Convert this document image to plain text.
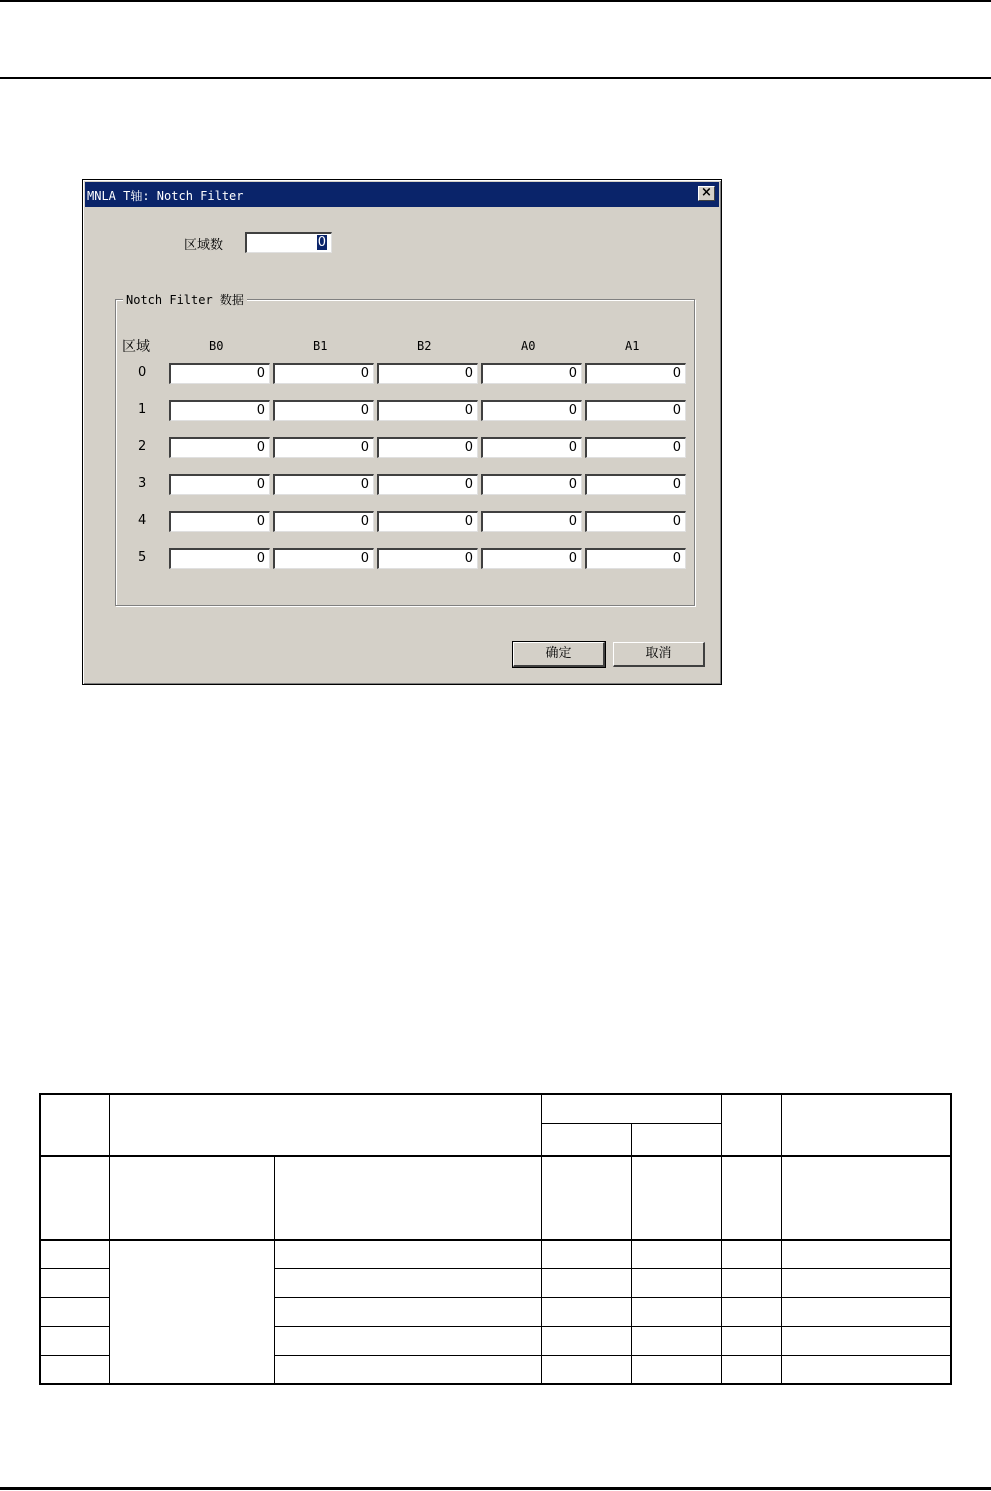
MNLA T轴: Notch Filter	×
区域数	0
Notch Filter 数据
区域	B0	B1	B2	A0	A1
0	0	0	0	0	0
1	0	0	0	0	0
2	0	0	0	0	0
3	0	0	0	0	0
4	0	0	0	0	0
5	0	0	0	0	0
确定	取消
